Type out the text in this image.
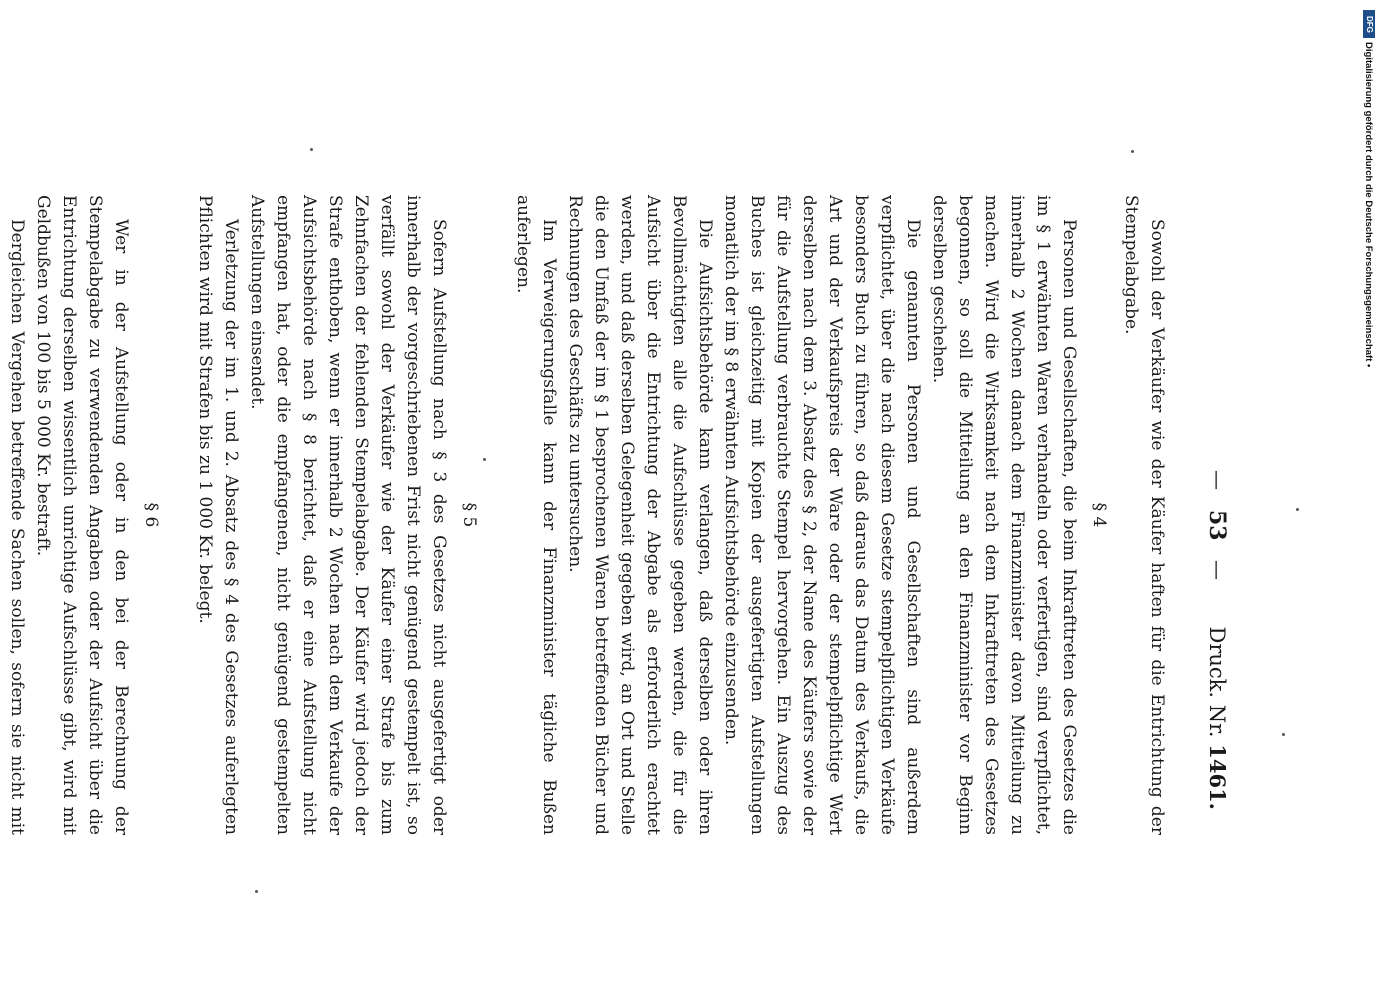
—
53
—
Druck. Nr. 1461.

Sowohl der Verkäufer wie der Käufer haften für die Entrichtung der Stempelabgabe.

§ 4

Personen und Gesellschaften, die beim Inkrafttreten des Gesetzes die im § 1 erwähnten Waren verhandeln oder verfertigen, sind verpflichtet, innerhalb 2 Wochen danach dem Finanzminister davon Mitteilung zu machen. Wird die Wirksamkeit nach dem Inkrafttreten des Gesetzes begonnen, so soll die Mitteilung an den Finanzminister vor Beginn derselben geschehen.

Die genannten Personen und Gesellschaften sind außerdem verpflichtet, über die nach diesem Gesetze stempelpflichtigen Verkäufe besonders Buch zu führen, so daß daraus das Datum des Verkaufs, die Art und der Verkaufspreis der Ware oder der stempelpflichtige Wert derselben nach dem 3. Absatz des § 2, der Name des Käufers sowie der für die Aufstellung verbrauchte Stempel hervorgehen. Ein Auszug des Buches ist gleichzeitig mit Kopien der ausgefertigten Aufstellungen monatlich der im § 8 erwähnten Aufsichtsbehörde einzusenden.

Die Aufsichtsbehörde kann verlangen, daß derselben oder ihren Bevollmächtigten alle die Aufschlüsse gegeben werden, die für die Aufsicht über die Entrichtung der Abgabe als erforderlich erachtet werden, und daß derselben Gelegenheit gegeben wird, an Ort und Stelle die den Umfaß der im § 1 besprochenen Waren betreffenden Bücher und Rechnungen des Geschäfts zu untersuchen.

Im Verweigerungsfalle kann der Finanzminister tägliche Bußen auferlegen.

§ 5

Sofern Aufstellung nach § 3 des Gesetzes nicht ausgefertigt oder innerhalb der vorgeschriebenen Frist nicht genügend gestempelt ist, so verfällt sowohl der Verkäufer wie der Käufer einer Strafe bis zum Zehnfachen der fehlenden Stempelabgabe. Der Käufer wird jedoch der Strafe enthoben, wenn er innerhalb 2 Wochen nach dem Verkaufe der Aufsichtsbehörde nach § 8 berichtet, daß er eine Aufstellung nicht empfangen hat, oder die empfangenen, nicht genügend gestempelten Aufstellungen einsendet.

Verletzung der im 1. und 2. Absatz des § 4 des Gesetzes auferlegten Pflichten wird mit Strafen bis zu 1 000 Kr. belegt.

§ 6

Wer in der Aufstellung oder in den bei der Berechnung der Stempelabgabe zu verwendenden Angaben oder der Aufsicht über die Entrichtung derselben wissentlich unrichtige Aufschlüsse gibt, wird mit Geldbußen von 100 bis 5 000 Kr. bestraft.

Dergleichen Vergehen betreffende Sachen sollen, sofern sie nicht mit

DFG
Digitalisierung gefördert durch die Deutsche Forschungsgemeinschaft •
